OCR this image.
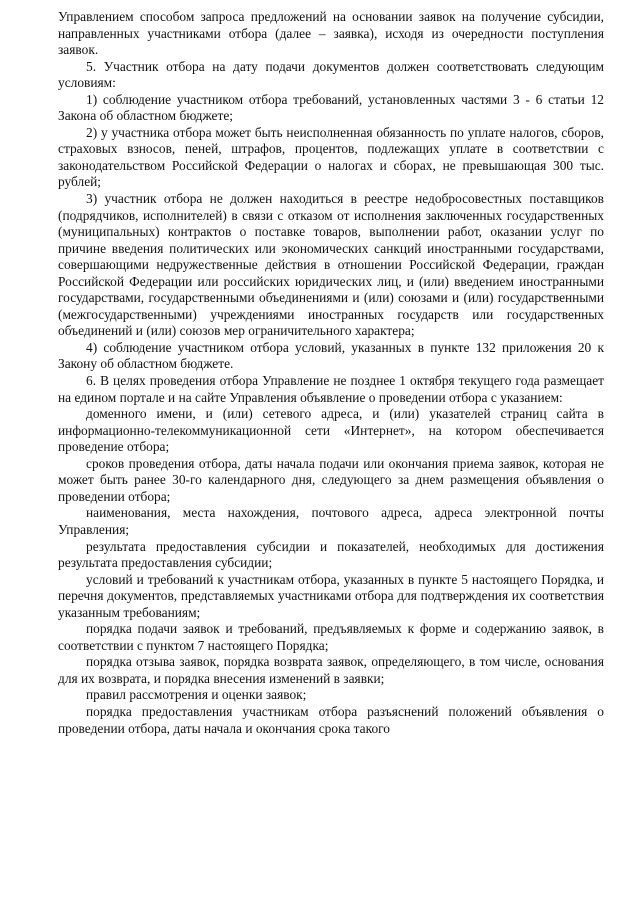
Управлением способом запроса предложений на основании заявок на получение субсидии, направленных участниками отбора (далее – заявка), исходя из очередности поступления заявок.

5. Участник отбора на дату подачи документов должен соответствовать следующим условиям:

1) соблюдение участником отбора требований, установленных частями 3 - 6 статьи 12 Закона об областном бюджете;

2) у участника отбора может быть неисполненная обязанность по уплате налогов, сборов, страховых взносов, пеней, штрафов, процентов, подлежащих уплате в соответствии с законодательством Российской Федерации о налогах и сборах, не превышающая 300 тыс. рублей;

3) участник отбора не должен находиться в реестре недобросовестных поставщиков (подрядчиков, исполнителей) в связи с отказом от исполнения заключенных государственных (муниципальных) контрактов о поставке товаров, выполнении работ, оказании услуг по причине введения политических или экономических санкций иностранными государствами, совершающими недружественные действия в отношении Российской Федерации, граждан Российской Федерации или российских юридических лиц, и (или) введением иностранными государствами, государственными объединениями и (или) союзами и (или) государственными (межгосударственными) учреждениями иностранных государств или государственных объединений и (или) союзов мер ограничительного характера;

4) соблюдение участником отбора условий, указанных в пункте 132 приложения 20 к Закону об областном бюджете.

6. В целях проведения отбора Управление не позднее 1 октября текущего года размещает на едином портале и на сайте Управления объявление о проведении отбора с указанием:

доменного имени, и (или) сетевого адреса, и (или) указателей страниц сайта в информационно-телекоммуникационной сети «Интернет», на котором обеспечивается проведение отбора;

сроков проведения отбора, даты начала подачи или окончания приема заявок, которая не может быть ранее 30-го календарного дня, следующего за днем размещения объявления о проведении отбора;

наименования, места нахождения, почтового адреса, адреса электронной почты Управления;

результата предоставления субсидии и показателей, необходимых для достижения результата предоставления субсидии;

условий и требований к участникам отбора, указанных в пункте 5 настоящего Порядка, и перечня документов, представляемых участниками отбора для подтверждения их соответствия указанным требованиям;

порядка подачи заявок и требований, предъявляемых к форме и содержанию заявок, в соответствии с пунктом 7 настоящего Порядка;

порядка отзыва заявок, порядка возврата заявок, определяющего, в том числе, основания для их возврата, и порядка внесения изменений в заявки;

правил рассмотрения и оценки заявок;

порядка предоставления участникам отбора разъяснений положений объявления о проведении отбора, даты начала и окончания срока такого
